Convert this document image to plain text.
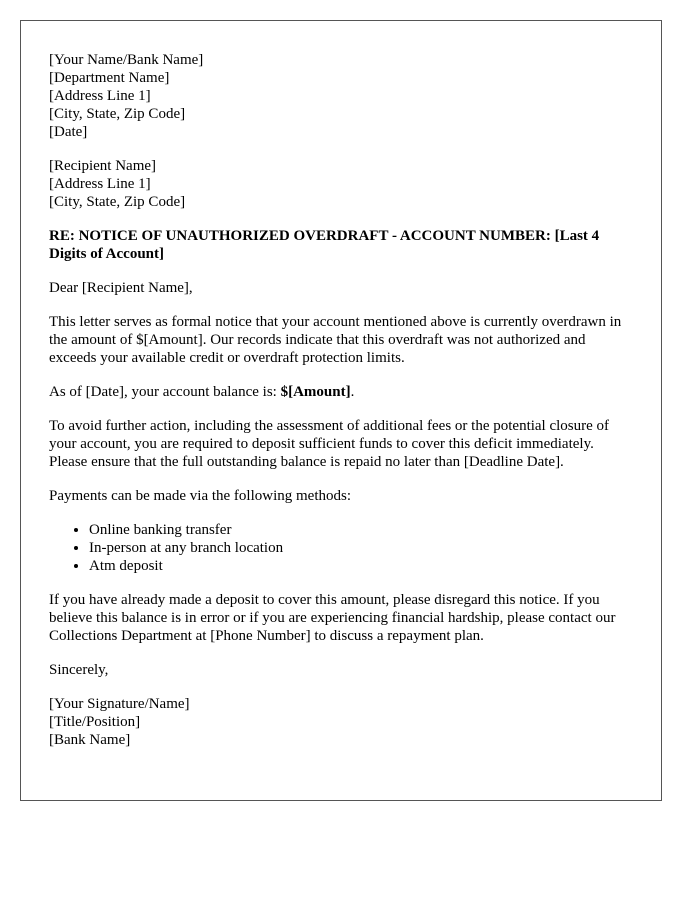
[Your Name/Bank Name]
[Department Name]
[Address Line 1]
[City, State, Zip Code]
[Date]
[Recipient Name]
[Address Line 1]
[City, State, Zip Code]
RE: NOTICE OF UNAUTHORIZED OVERDRAFT - ACCOUNT NUMBER: [Last 4 Digits of Account]

Dear [Recipient Name],

This letter serves as formal notice that your account mentioned above is currently overdrawn in the amount of $[Amount]. Our records indicate that this overdraft was not authorized and exceeds your available credit or overdraft protection limits.

As of [Date], your account balance is: $[Amount].

To avoid further action, including the assessment of additional fees or the potential closure of your account, you are required to deposit sufficient funds to cover this deficit immediately. Please ensure that the full outstanding balance is repaid no later than [Deadline Date].

Payments can be made via the following methods:

• Online banking transfer
• In-person at any branch location
• Atm deposit

If you have already made a deposit to cover this amount, please disregard this notice. If you believe this balance is in error or if you are experiencing financial hardship, please contact our Collections Department at [Phone Number] to discuss a repayment plan.

Sincerely,

[Your Signature/Name]
[Title/Position]
[Bank Name]
